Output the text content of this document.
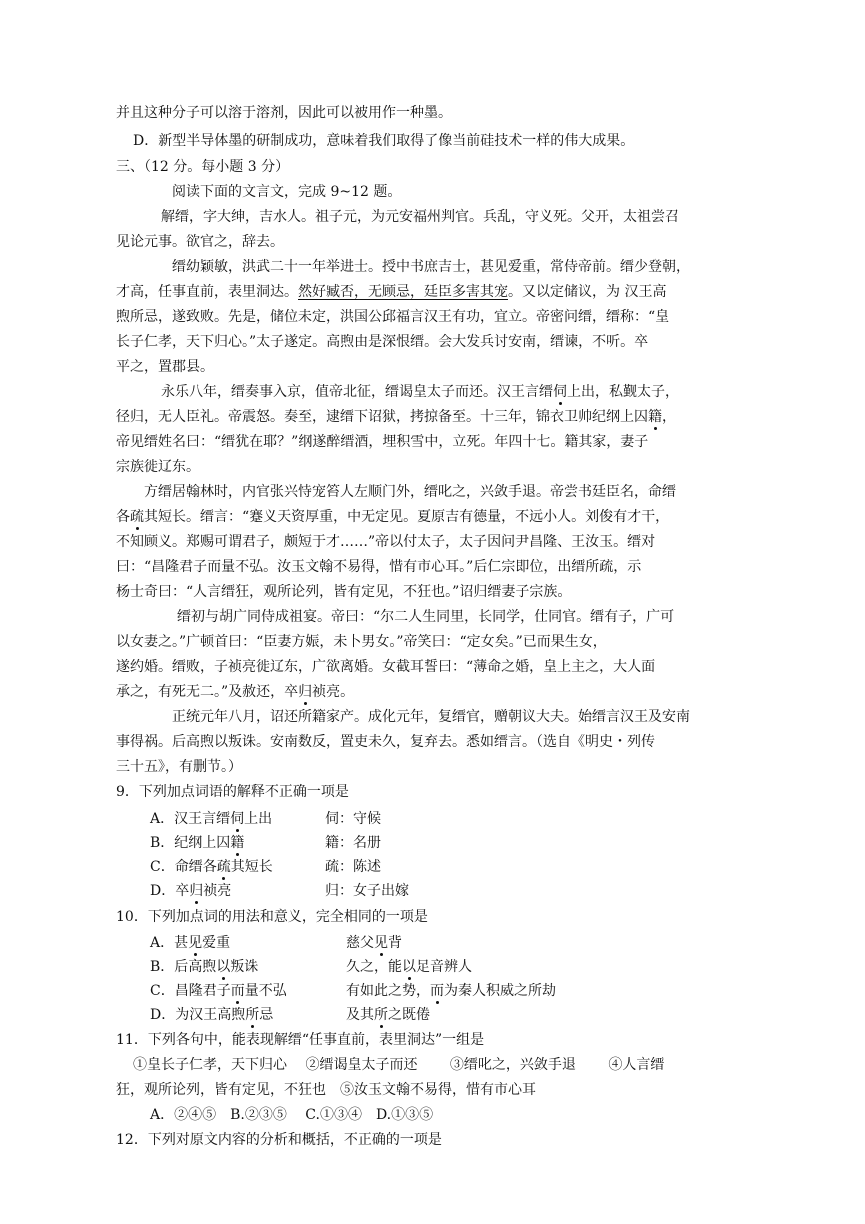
并且这种分子可以溶于溶剂，因此可以被用作一种墨。
D．新型半导体墨的研制成功，意味着我们取得了像当前硅技术一样的伟大成果。
三、（12 分。每小题 3 分）
阅读下面的文言文，完成 9~12 题。
解缙，字大绅，吉水人。祖子元，为元安福州判官。兵乱，守义死。父开，太祖尝召
见论元事。欲官之，辞去。
缙幼颖敏，洪武二十一年举进士。授中书庶吉士，甚见爱重，常侍帝前。缙少登朝，
才高，任事直前，表里洞达。然好臧否，无顾忌，廷臣多害其宠。又以定储议，为 汉王高
煦所忌，遂致败。先是，储位未定，洪国公邱福言汉王有功，宜立。帝密问缙，缙称：“皇
长子仁孝，天下归心。”太子遂定。高煦由是深恨缙。会大发兵讨安南，缙谏，不听。卒
平之，置郡县。
永乐八年，缙奏事入京，值帝北征，缙谒皇太子而还。汉王言缙伺上出，私觐太子，
径归，无人臣礼。帝震怒。奏至，逮缙下诏狱，拷掠备至。十三年，锦衣卫帅纪纲上囚籍，
帝见缙姓名曰：“缙犹在耶？”纲遂醉缙酒，埋积雪中，立死。年四十七。籍其家，妻子
宗族徙辽东。
方缙居翰林时，内官张兴恃宠笞人左顺门外，缙叱之，兴敛手退。帝尝书廷臣名，命缙
各疏其短长。缙言：“蹇义天资厚重，中无定见。夏原吉有德量，不远小人。刘俊有才干，
不知顾义。郑赐可谓君子，颇短于才……”帝以付太子，太子因问尹昌隆、王汝玉。缙对
曰：“昌隆君子而量不弘。汝玉文翰不易得，惜有市心耳。”后仁宗即位，出缙所疏，示
杨士奇曰：“人言缙狂，观所论列，皆有定见，不狂也。”诏归缙妻子宗族。
缙初与胡广同侍成祖宴。帝曰：“尔二人生同里，长同学，仕同官。缙有子，广可
以女妻之。”广顿首曰：“臣妻方娠，未卜男女。”帝笑曰：“定女矣。”已而果生女，
遂约婚。缙败，子祯亮徙辽东，广欲离婚。女截耳誓曰：“薄命之婚，皇上主之，大人面
承之，有死无二。”及赦还，卒归祯亮。
正统元年八月，诏还所籍家产。成化元年，复缙官，赠朝议大夫。始缙言汉王及安南
事得祸。后高煦以叛诛。安南数反，置吏未久，复弃去。悉如缙言。（选自《明史・列传
三十五》，有删节。）
9．下列加点词语的解释不正确一项是
A．汉王言缙伺上出	伺：守候
B．纪纲上囚籍	籍：名册
C．命缙各疏其短长	疏：陈述
D．卒归祯亮	归：女子出嫁
10．下列加点词的用法和意义，完全相同的一项是
A．甚见爱重	慈父见背
B．后高煦以叛诛	久之，能以足音辨人
C．昌隆君子而量不弘	有如此之势，而为秦人积威之所劫
D．为汉王高煦所忌	及其所之既倦
11．下列各句中，能表现解缙“任事直前，表里洞达”一组是
①皇长子仁孝，天下归心　 ②缙谒皇太子而还　　 ③缙叱之，兴敛手退　　 ④人言缙
狂，观所论列，皆有定见，不狂也　⑤汝玉文翰不易得，惜有市心耳
A．②④⑤　B.②③⑤　 C.①③④　D.①③⑤
12．下列对原文内容的分析和概括，不正确的一项是
